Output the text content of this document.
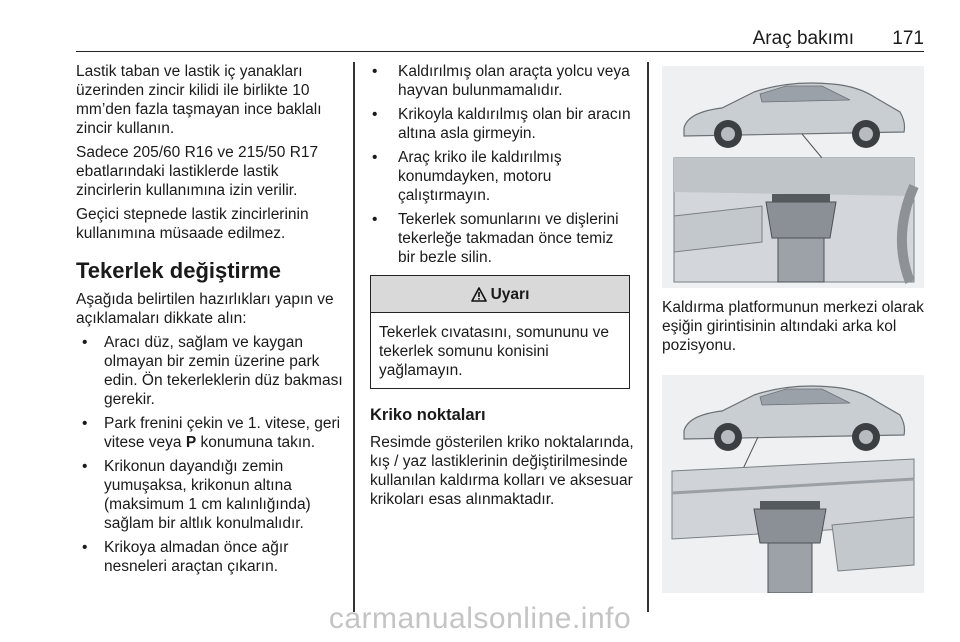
Araç bakımı 171

Lastik taban ve lastik iç yanakları üzerinden zincir kilidi ile birlikte 10 mm’den fazla taşmayan ince baklalı zincir kullanın.

Sadece 205/60 R16 ve 215/50 R17 ebatlarındaki lastiklerde lastik zincirlerin kullanımına izin verilir.

Geçici stepnede lastik zincirlerinin kullanımına müsaade edilmez.

Tekerlek değiştirme

Aşağıda belirtilen hazırlıkları yapın ve açıklamaları dikkate alın:

• Aracı düz, sağlam ve kaygan olmayan bir zemin üzerine park edin. Ön tekerleklerin düz bakması gerekir.
• Park frenini çekin ve 1. vitese, geri vitese veya P konumuna takın.
• Krikonun dayandığı zemin yumuşaksa, krikonun altına (maksimum 1 cm kalınlığında) sağlam bir altlık konulmalıdır.
• Krikoya almadan önce ağır nesneleri araçtan çıkarın.
• Kaldırılmış olan araçta yolcu veya hayvan bulunmamalıdır.
• Krikoyla kaldırılmış olan bir aracın altına asla girmeyin.
• Araç kriko ile kaldırılmış konumdayken, motoru çalıştırmayın.
• Tekerlek somunlarını ve dişlerini tekerleğe takmadan önce temiz bir bezle silin.
Uyarı
Tekerlek cıvatasını, somununu ve tekerlek somunu konisini yağlamayın.
Kriko noktaları

Resimde gösterilen kriko noktalarında, kış / yaz lastiklerinin değiştirilmesinde kullanılan kaldırma kolları ve aksesuar krikoları esas alınmaktadır.

Kaldırma platformunun merkezi olarak eşiğin girintisinin altındaki arka kol pozisyonu.

carmanualsonline.info
